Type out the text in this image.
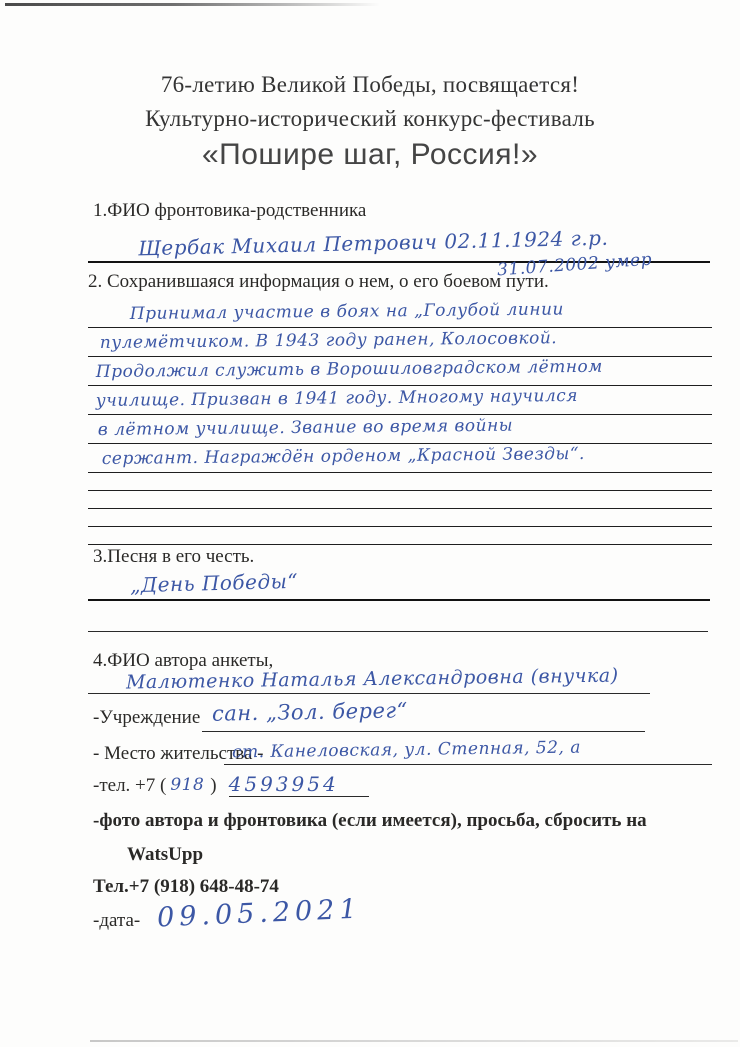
76-летию Великой Победы, посвящается!
Культурно-исторический конкурс-фестиваль
«Пошире шаг, Россия!»
1.ФИО фронтовика-родственника
Щербак Михаил Петрович 02.11.1924 г.р.
31.07.2002 умер
2. Сохранившаяся информация о нем, о его боевом пути.
Принимал участие в боях на „Голубой линии
пулемётчиком. В 1943 году ранен, Колосовкой.
Продолжил служить в Ворошиловградском лётном
училище. Призван в 1941 году. Многому научился
в лётном училище. Звание во время войны
сержант. Награждён орденом „Красной Звезды“.
3.Песня в его честь.
„День Победы“
4.ФИО автора анкеты,
Малютенко Наталья Александровна (внучка)
-Учреждение сан. „Зол. берег“
- Место жительства -
ст. Канеловская, ул. Степная, 52, а
-тел. +7 ( 918 ) 4593954
-фото автора и фронтовика (если имеется), просьба, сбросить на
WatsUpp
Тел.+7 (918) 648-48-74
-дата- 09.05.2021
